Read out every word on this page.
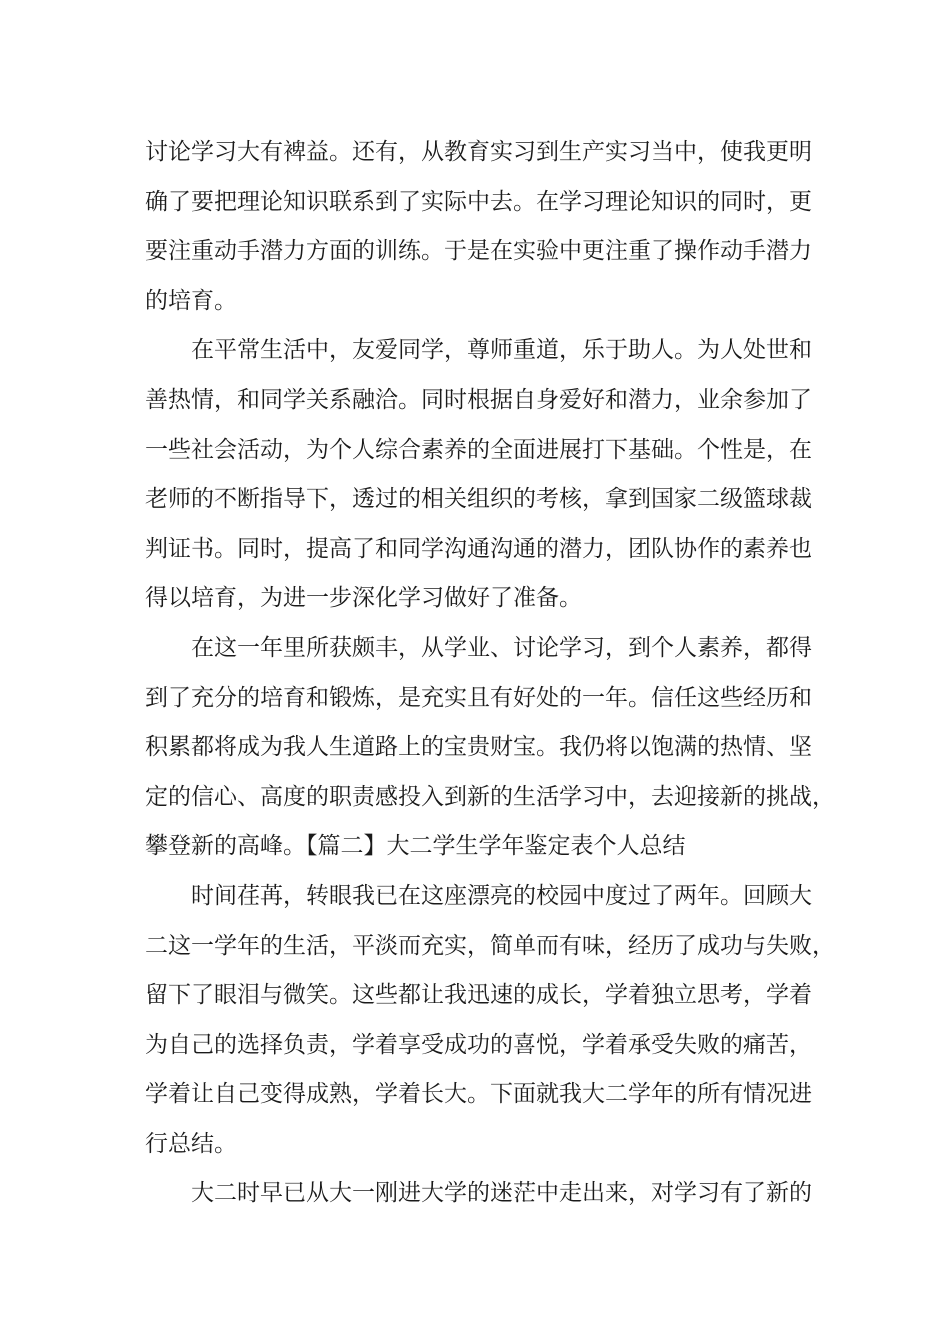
讨论学习大有裨益。还有，从教育实习到生产实习当中，使我更明
确了要把理论知识联系到了实际中去。在学习理论知识的同时，更
要注重动手潜力方面的训练。于是在实验中更注重了操作动手潜力
的培育。
在平常生活中，友爱同学，尊师重道，乐于助人。为人处世和
善热情，和同学关系融洽。同时根据自身爱好和潜力，业余参加了
一些社会活动，为个人综合素养的全面进展打下基础。个性是，在
老师的不断指导下，透过的相关组织的考核，拿到国家二级篮球裁
判证书。同时，提高了和同学沟通沟通的潜力，团队协作的素养也
得以培育，为进一步深化学习做好了准备。
在这一年里所获颇丰，从学业、讨论学习，到个人素养，都得
到了充分的培育和锻炼，是充实且有好处的一年。信任这些经历和
积累都将成为我人生道路上的宝贵财宝。我仍将以饱满的热情、坚
定的信心、高度的职责感投入到新的生活学习中，去迎接新的挑战，
攀登新的高峰。【篇二】大二学生学年鉴定表个人总结
时间荏苒，转眼我已在这座漂亮的校园中度过了两年。回顾大
二这一学年的生活，平淡而充实，简单而有味，经历了成功与失败，
留下了眼泪与微笑。这些都让我迅速的成长，学着独立思考，学着
为自己的选择负责，学着享受成功的喜悦，学着承受失败的痛苦，
学着让自己变得成熟，学着长大。下面就我大二学年的所有情况进
行总结。
大二时早已从大一刚进大学的迷茫中走出来，对学习有了新的
